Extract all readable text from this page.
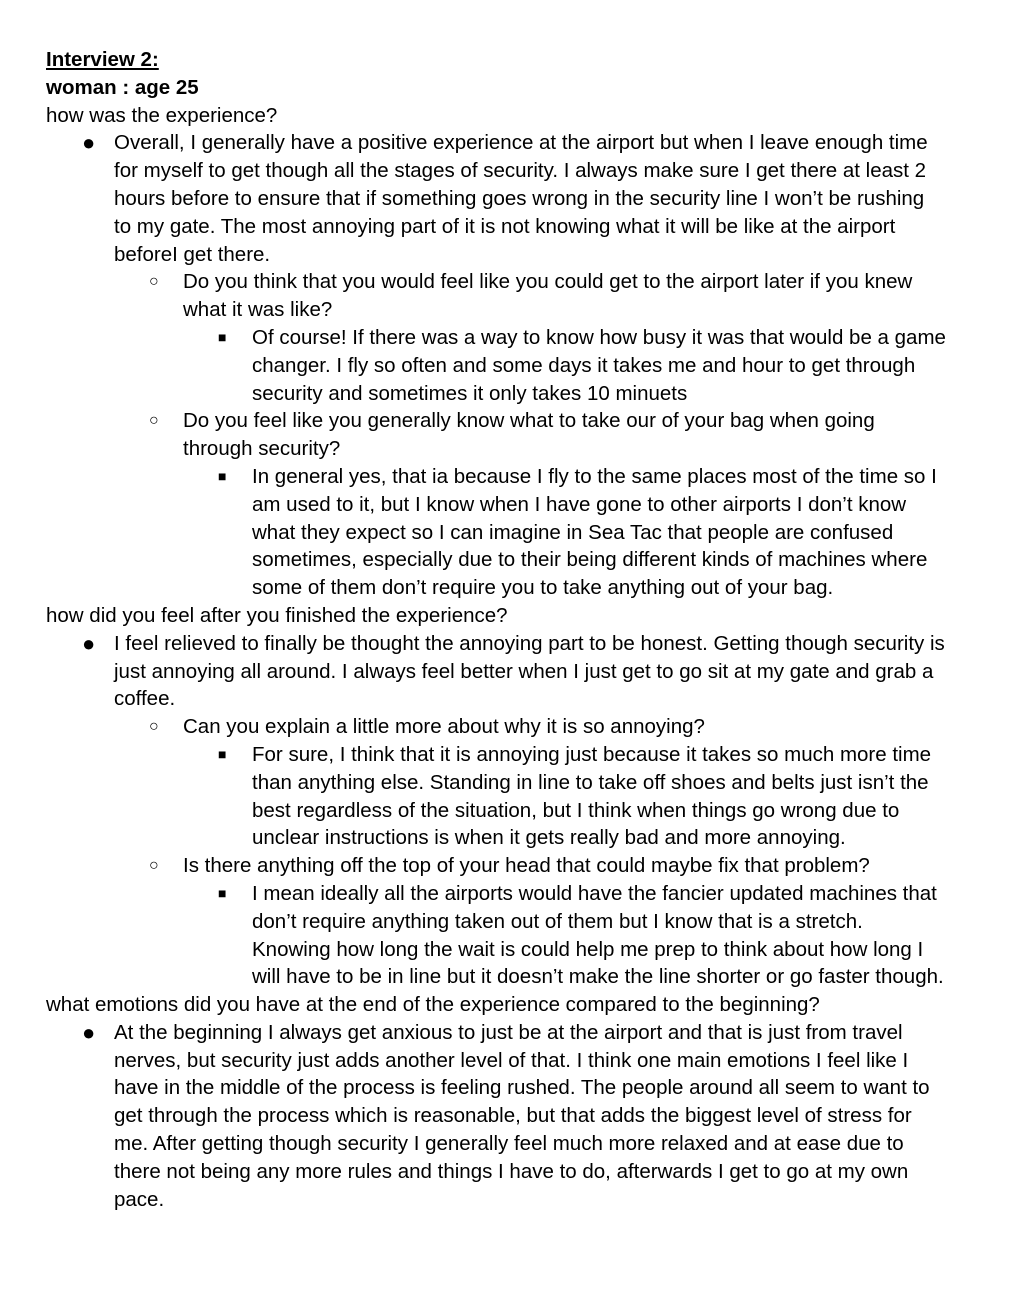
Interview 2:

woman : age 25

how was the experience?

● Overall, I generally have a positive experience at the airport but when I leave enough time for myself to get though all the stages of security. I always make sure I get there at least 2 hours before to ensure that if something goes wrong in the security line I won’t be rushing to my gate. The most annoying part of it is not knowing what it will be like at the airport beforeI get there.
○ Do you think that you would feel like you could get to the airport later if you knew what it was like?
■ Of course! If there was a way to know how busy it was that would be a game changer. I fly so often and some days it takes me and hour to get through security and sometimes it only takes 10 minuets
○ Do you feel like you generally know what to take our of your bag when going through security?
■ In general yes, that ia because I fly to the same places most of the time so I am used to it, but I know when I have gone to other airports I don’t know what they expect so I can imagine in Sea Tac that people are confused sometimes, especially due to their being different kinds of machines where some of them don’t require you to take anything out of your bag.

how did you feel after you finished the experience?

● I feel relieved to finally be thought the annoying part to be honest. Getting though security is just annoying all around. I always feel better when I just get to go sit at my gate and grab a coffee.
○ Can you explain a little more about why it is so annoying?
■ For sure, I think that it is annoying just because it takes so much more time than anything else. Standing in line to take off shoes and belts just isn’t the best regardless of the situation, but I think when things go wrong due to unclear instructions is when it gets really bad and more annoying.
○ Is there anything off the top of your head that could maybe fix that problem?
■ I mean ideally all the airports would have the fancier updated machines that don’t require anything taken out of them but I know that is a stretch. Knowing how long the wait is could help me prep to think about how long I will have to be in line but it doesn’t make the line shorter or go faster though.

what emotions did you have at the end of the experience compared to the beginning?

● At the beginning I always get anxious to just be at the airport and that is just from travel nerves, but security just adds another level of that. I think one main emotions I feel like I have in the middle of the process is feeling rushed. The people around all seem to want to get through the process which is reasonable, but that adds the biggest level of stress for me. After getting though security I generally feel much more relaxed and at ease due to there not being any more rules and things I have to do, afterwards I get to go at my own pace.
